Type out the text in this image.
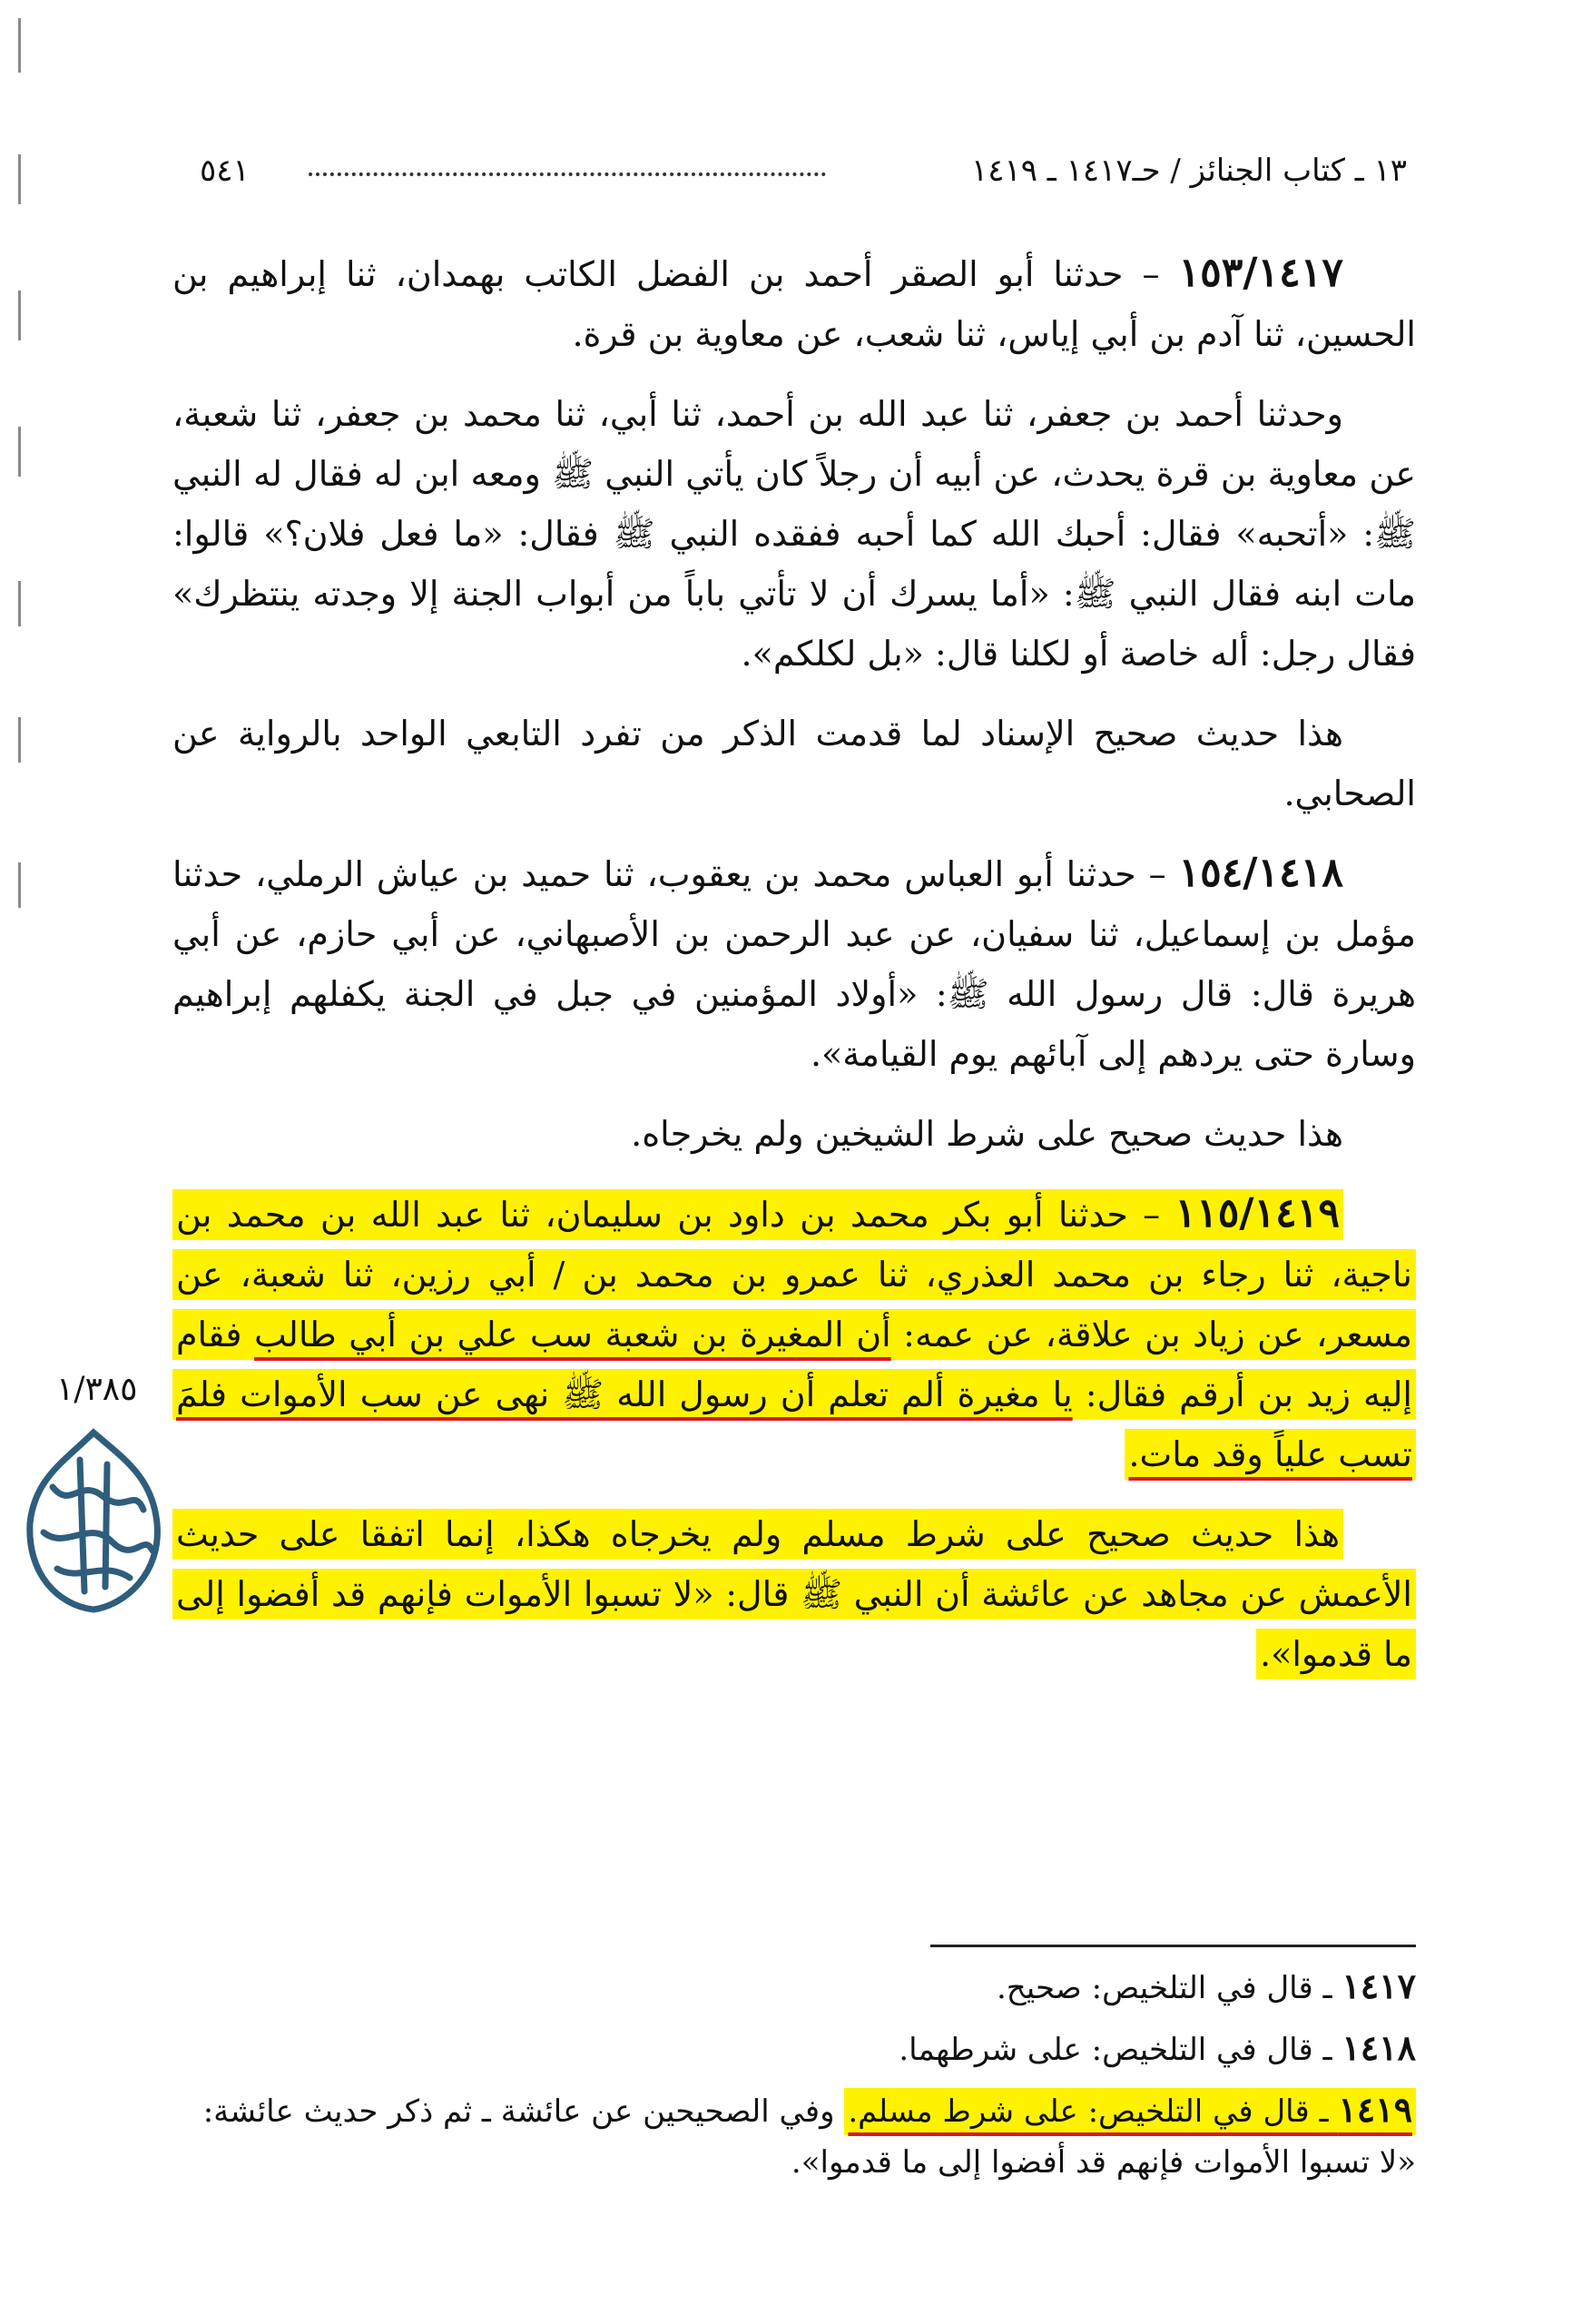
١٣ ـ كتاب الجنائز / حـ١٤١٧ ـ ١٤١٩
٥٤١

١٥٣/١٤١٧ – حدثنا أبو الصقر أحمد بن الفضل الكاتب بهمدان، ثنا إبراهيم بن الحسين، ثنا آدم بن أبي إياس، ثنا شعب، عن معاوية بن قرة.

وحدثنا أحمد بن جعفر، ثنا عبد الله بن أحمد، ثنا أبي، ثنا محمد بن جعفر، ثنا شعبة، عن معاوية بن قرة يحدث، عن أبيه أن رجلاً كان يأتي النبي ﷺ ومعه ابن له فقال له النبي ﷺ: «أتحبه» فقال: أحبك الله كما أحبه ففقده النبي ﷺ فقال: «ما فعل فلان؟» قالوا: مات ابنه فقال النبي ﷺ: «أما يسرك أن لا تأتي باباً من أبواب الجنة إلا وجدته ينتظرك» فقال رجل: أله خاصة أو لكلنا قال: «بل لكلكم».

هذا حديث صحيح الإسناد لما قدمت الذكر من تفرد التابعي الواحد بالرواية عن الصحابي.

١٥٤/١٤١٨ – حدثنا أبو العباس محمد بن يعقوب، ثنا حميد بن عياش الرملي، حدثنا مؤمل بن إسماعيل، ثنا سفيان، عن عبد الرحمن بن الأصبهاني، عن أبي حازم، عن أبي هريرة قال: قال رسول الله ﷺ: «أولاد المؤمنين في جبل في الجنة يكفلهم إبراهيم وسارة حتى يردهم إلى آبائهم يوم القيامة».

هذا حديث صحيح على شرط الشيخين ولم يخرجاه.

١١٥/١٤١٩ – حدثنا أبو بكر محمد بن داود بن سليمان، ثنا عبد الله بن محمد بن ناجية، ثنا رجاء بن محمد العذري، ثنا عمرو بن محمد بن / أبي رزين، ثنا شعبة، عن مسعر، عن زياد بن علاقة، عن عمه: أن المغيرة بن شعبة سب علي بن أبي طالب فقام إليه زيد بن أرقم فقال: يا مغيرة ألم تعلم أن رسول الله ﷺ نهى عن سب الأموات فلمَ تسب علياً وقد مات.

هذا حديث صحيح على شرط مسلم ولم يخرجاه هكذا، إنما اتفقا على حديث الأعمش عن مجاهد عن عائشة أن النبي ﷺ قال: «لا تسبوا الأموات فإنهم قد أفضوا إلى ما قدموا».

١/٣٨٥

١٤١٧ ـ قال في التلخيص: صحيح.

١٤١٨ ـ قال في التلخيص: على شرطهما.

١٤١٩ ـ قال في التلخيص: على شرط مسلم. وفي الصحيحين عن عائشة ـ ثم ذكر حديث عائشة: «لا تسبوا الأموات فإنهم قد أفضوا إلى ما قدموا».
